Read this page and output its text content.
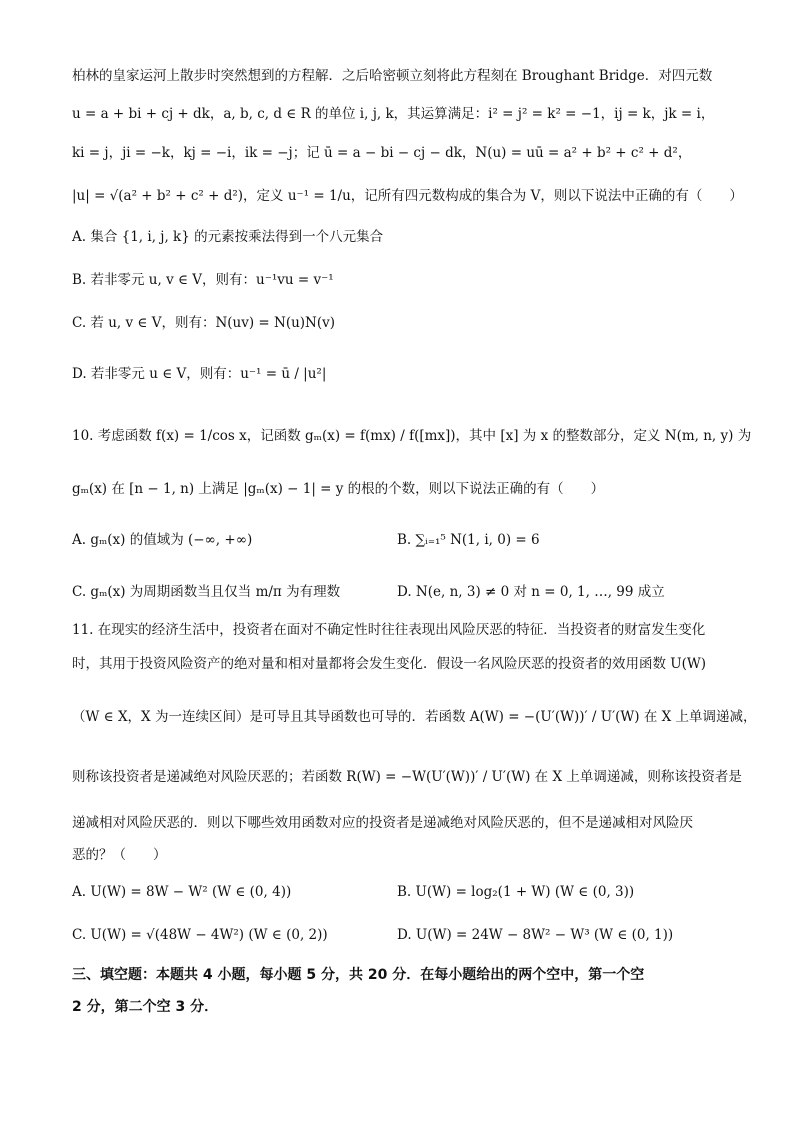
柏林的皇家运河上散步时突然想到的方程解．之后哈密顿立刻将此方程刻在 Broughant Bridge．对四元数
u = a + bi + cj + dk，a, b, c, d ∈ R 的单位 i, j, k，其运算满足：i² = j² = k² = −1，ij = k，jk = i，
ki = j，ji = −k，kj = −i，ik = −j；记 ū = a − bi − cj − dk，N(u) = uū = a² + b² + c² + d²，
|u| = √(a² + b² + c² + d²)，定义 u⁻¹ = 1/u，记所有四元数构成的集合为 V，则以下说法中正确的有（　　）
A. 集合 {1, i, j, k} 的元素按乘法得到一个八元集合
B. 若非零元 u, v ∈ V，则有：u⁻¹vu = v⁻¹
C. 若 u, v ∈ V，则有：N(uv) = N(u)N(v)
D. 若非零元 u ∈ V，则有：u⁻¹ = ū / |u²|
10. 考虑函数 f(x) = 1/cos x，记函数 gₘ(x) = f(mx) / f([mx])，其中 [x] 为 x 的整数部分，定义 N(m, n, y) 为
gₘ(x) 在 [n − 1, n) 上满足 |gₘ(x) − 1| = y 的根的个数，则以下说法正确的有（　　）
A. gₘ(x) 的值域为 (−∞, +∞)	B. ∑ᵢ₌₁⁵ N(1, i, 0) = 6
C. gₘ(x) 为周期函数当且仅当 m/π 为有理数	D. N(e, n, 3) ≠ 0 对 n = 0, 1, …, 99 成立
11. 在现实的经济生活中，投资者在面对不确定性时往往表现出风险厌恶的特征．当投资者的财富发生变化
时，其用于投资风险资产的绝对量和相对量都将会发生变化．假设一名风险厌恶的投资者的效用函数 U(W)
（W ∈ X，X 为一连续区间）是可导且其导函数也可导的．若函数 A(W) = −(U′(W))′ / U′(W) 在 X 上单调递减，
则称该投资者是递减绝对风险厌恶的；若函数 R(W) = −W(U′(W))′ / U′(W) 在 X 上单调递减，则称该投资者是
递减相对风险厌恶的．则以下哪些效用函数对应的投资者是递减绝对风险厌恶的，但不是递减相对风险厌
恶的？（　　）
A. U(W) = 8W − W² (W ∈ (0, 4))	B. U(W) = log₂(1 + W) (W ∈ (0, 3))
C. U(W) = √(48W − 4W²) (W ∈ (0, 2))	D. U(W) = 24W − 8W² − W³ (W ∈ (0, 1))
三、填空题：本题共 4 小题，每小题 5 分，共 20 分．在每小题给出的两个空中，第一个空
2 分，第二个空 3 分．
